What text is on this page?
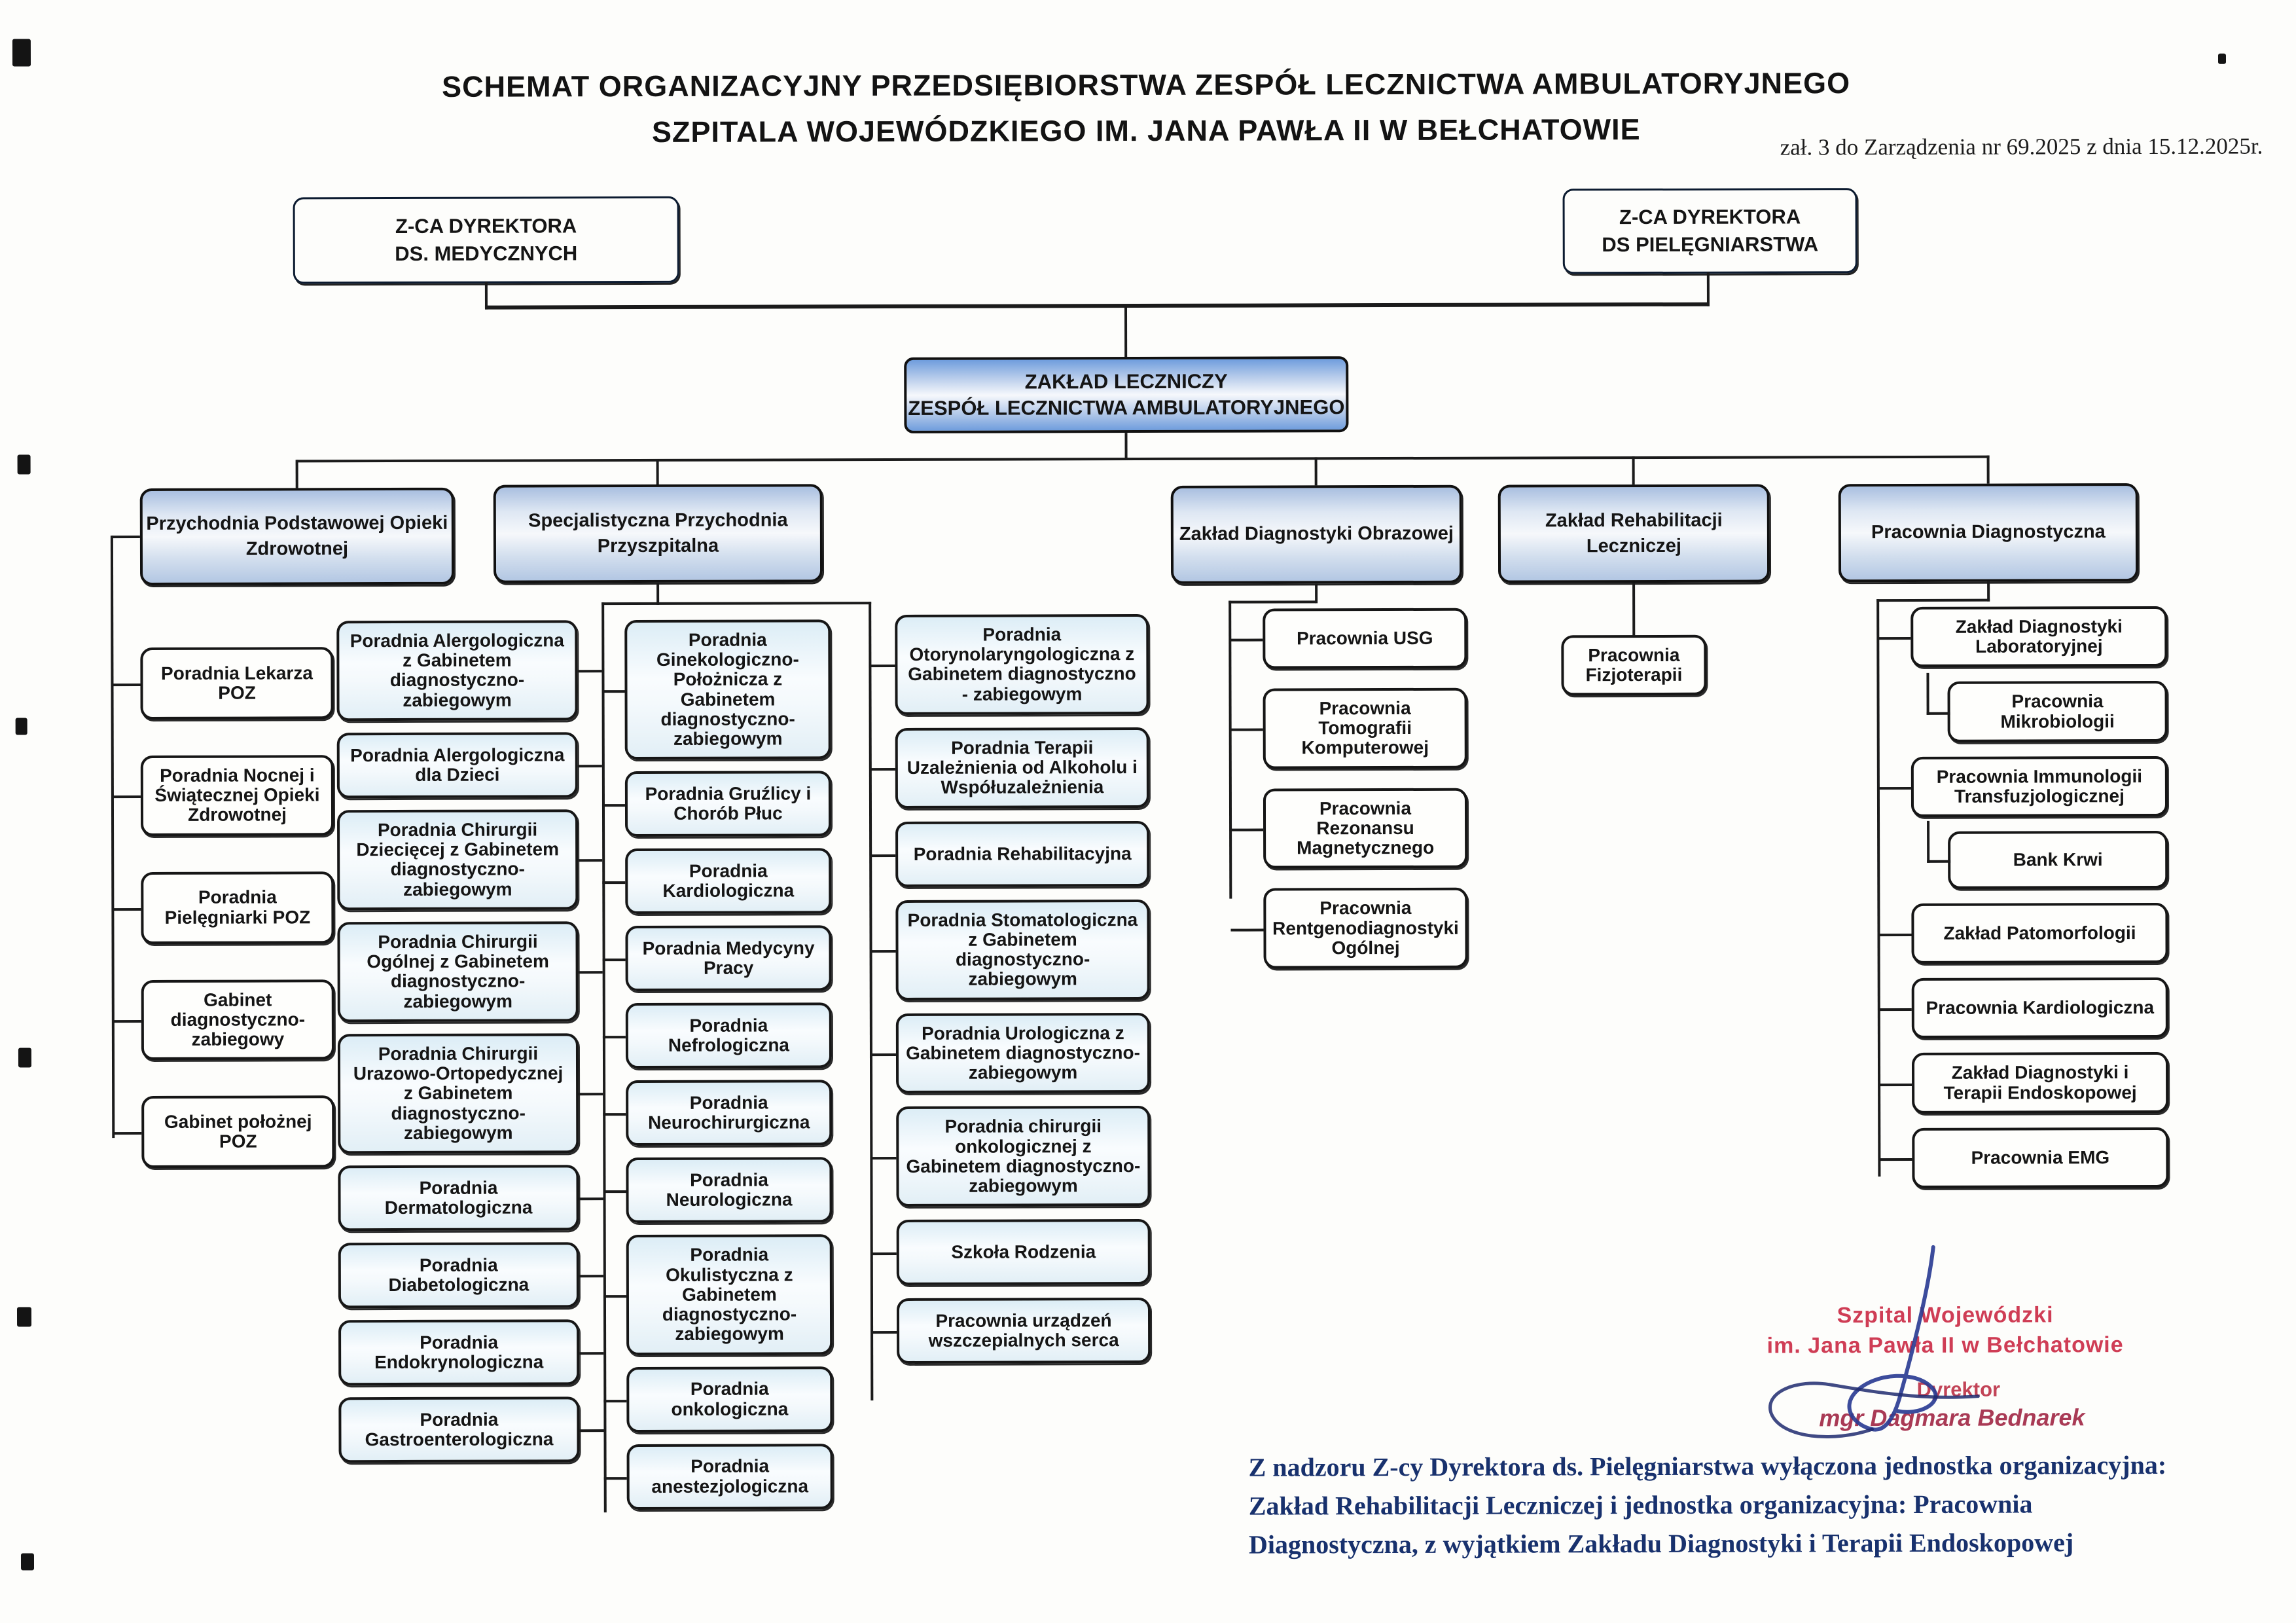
SCHEMAT ORGANIZACYJNY PRZEDSIĘBIORSTWA ZESPÓŁ LECZNICTWA AMBULATORYJNEGO
SZPITALA WOJEWÓDZKIEGO IM. JANA PAWŁA II W BEŁCHATOWIE	zał. 3 do Zarządzenia nr 69.2025 z dnia 15.12.2025r.
Z-CA DYREKTORA
DS. MEDYCZNYCH
Z-CA DYREKTORA
DS PIELĘGNIARSTWA
ZAKŁAD LECZNICZY
ZESPÓŁ LECZNICTWA AMBULATORYJNEGO
Przychodnia Podstawowej Opieki Zdrowotnej
Specjalistyczna Przychodnia Przyszpitalna
Zakład Diagnostyki Obrazowej
Zakład Rehabilitacji Leczniczej
Pracownia Diagnostyczna
Poradnia Lekarza POZ
Poradnia Nocnej i Świątecznej Opieki Zdrowotnej
Poradnia Pielęgniarki POZ
Gabinet diagnostyczno-zabiegowy
Gabinet położnej POZ
Poradnia Alergologiczna z Gabinetem diagnostyczno-zabiegowym
Poradnia Alergologiczna dla Dzieci
Poradnia Chirurgii Dziecięcej z Gabinetem diagnostyczno-zabiegowym
Poradnia Chirurgii Ogólnej z Gabinetem diagnostyczno-zabiegowym
Poradnia Chirurgii Urazowo-Ortopedycznej z Gabinetem diagnostyczno-zabiegowym
Poradnia Dermatologiczna
Poradnia Diabetologiczna
Poradnia Endokrynologiczna
Poradnia Gastroenterologiczna
Poradnia Ginekologiczno-Położnicza z Gabinetem diagnostyczno-zabiegowym
Poradnia Gruźlicy i Chorób Płuc
Poradnia Kardiologiczna
Poradnia Medycyny Pracy
Poradnia Nefrologiczna
Poradnia Neurochirurgiczna
Poradnia Neurologiczna
Poradnia Okulistyczna z Gabinetem diagnostyczno-zabiegowym
Poradnia onkologiczna
Poradnia anestezjologiczna
Poradnia Otorynolaryngologiczna z Gabinetem diagnostyczno - zabiegowym
Poradnia Terapii Uzależnienia od Alkoholu i Współuzależnienia
Poradnia Rehabilitacyjna
Poradnia Stomatologiczna z Gabinetem diagnostyczno-zabiegowym
Poradnia Urologiczna z Gabinetem diagnostyczno-zabiegowym
Poradnia chirurgii onkologicznej z Gabinetem diagnostyczno-zabiegowym
Szkoła Rodzenia
Pracownia urządzeń wszczepialnych serca
Pracownia USG
Pracownia Tomografii Komputerowej
Pracownia Rezonansu Magnetycznego
Pracownia Rentgenodiagnostyki Ogólnej
Pracownia Fizjoterapii
Zakład Diagnostyki Laboratoryjnej
Pracownia Mikrobiologii
Pracownia Immunologii Transfuzjologicznej
Bank Krwi
Zakład Patomorfologii
Pracownia Kardiologiczna
Zakład Diagnostyki i Terapii Endoskopowej
Pracownia EMG
Szpital Wojewódzki
im. Jana Pawła II w Bełchatowie
Dyrektor
mgr Dagmara Bednarek
Z nadzoru Z-cy Dyrektora ds. Pielęgniarstwa wyłączona jednostka organizacyjna:
Zakład Rehabilitacji Leczniczej i jednostka organizacyjna: Pracownia
Diagnostyczna, z wyjątkiem Zakładu Diagnostyki i Terapii Endoskopowej
